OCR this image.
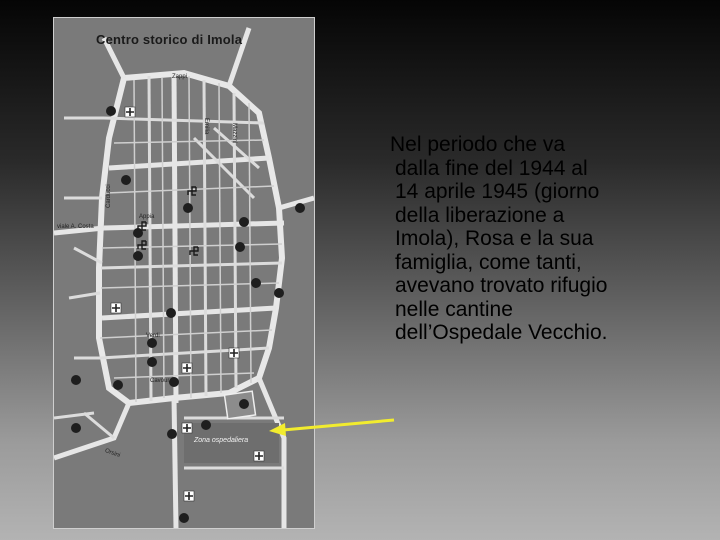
Centro storico di Imola
Zappi
Appia
viale A. Costa
Cavour
Carducci
Emilia	Mazzini
Verdi
Orsini
Zona ospedaliera
Nel periodo che va
dalla fine del 1944 al
14 aprile 1945 (giorno
della liberazione a
Imola), Rosa e la sua
famiglia, come tanti,
avevano trovato rifugio
nelle cantine
dell’Ospedale Vecchio.
